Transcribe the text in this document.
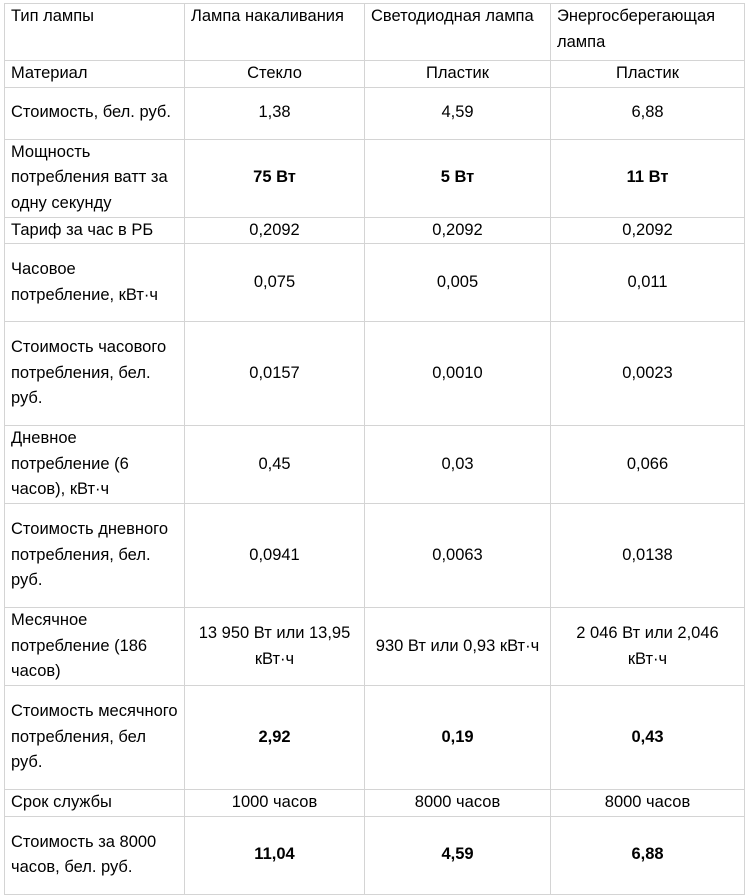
Тип лампы	Лампа накаливания	Светодиодная лампа	Энергосберегающая лампа
Материал	Стекло	Пластик	Пластик
Стоимость, бел. руб.	1,38	4,59	6,88
Мощность потребления ватт за одну секунду	75 Вт	5 Вт	11 Вт
Тариф за час в РБ	0,2092	0,2092	0,2092
Часовое потребление, кВт·ч	0,075	0,005	0,011
Стоимость часового потребления, бел. руб.	0,0157	0,0010	0,0023
Дневное потребление (6 часов), кВт·ч	0,45	0,03	0,066
Стоимость дневного потребления, бел. руб.	0,0941	0,0063	0,0138
Месячное потребление (186 часов)	13 950 Вт или 13,95 кВт·ч	930 Вт или 0,93 кВт·ч	2 046 Вт или 2,046 кВт·ч
Стоимость месячного потребления, бел руб.	2,92	0,19	0,43
Срок службы	1000 часов	8000 часов	8000 часов
Стоимость за 8000 часов, бел. руб.	11,04	4,59	6,88
